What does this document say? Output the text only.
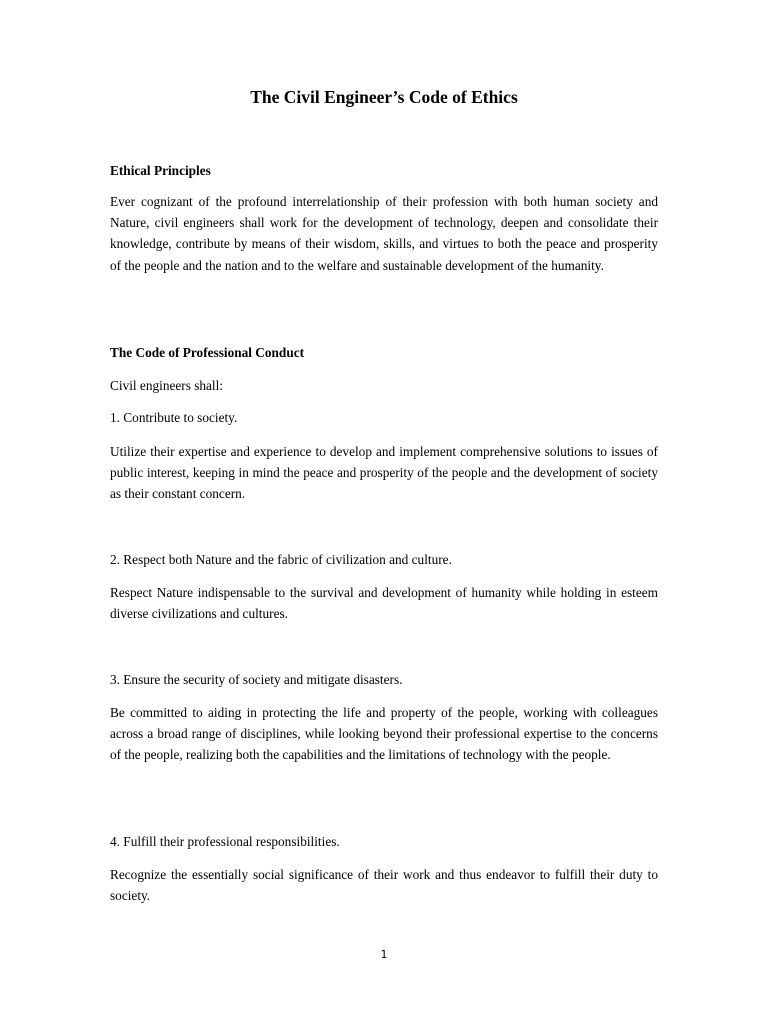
The Civil Engineer’s Code of Ethics
Ethical Principles

Ever cognizant of the profound interrelationship of their profession with both human society and Nature, civil engineers shall work for the development of technology, deepen and consolidate their knowledge, contribute by means of their wisdom, skills, and virtues to both the peace and prosperity of the people and the nation and to the welfare and sustainable development of the humanity.

The Code of Professional Conduct

Civil engineers shall:

1. Contribute to society.

Utilize their expertise and experience to develop and implement comprehensive solutions to issues of public interest, keeping in mind the peace and prosperity of the people and the development of society as their constant concern.

2. Respect both Nature and the fabric of civilization and culture.

Respect Nature indispensable to the survival and development of humanity while holding in esteem diverse civilizations and cultures.

3. Ensure the security of society and mitigate disasters.

Be committed to aiding in protecting the life and property of the people, working with colleagues across a broad range of disciplines, while looking beyond their professional expertise to the concerns of the people, realizing both the capabilities and the limitations of technology with the people.

4. Fulfill their professional responsibilities.

Recognize the essentially social significance of their work and thus endeavor to fulfill their duty to society.

1
